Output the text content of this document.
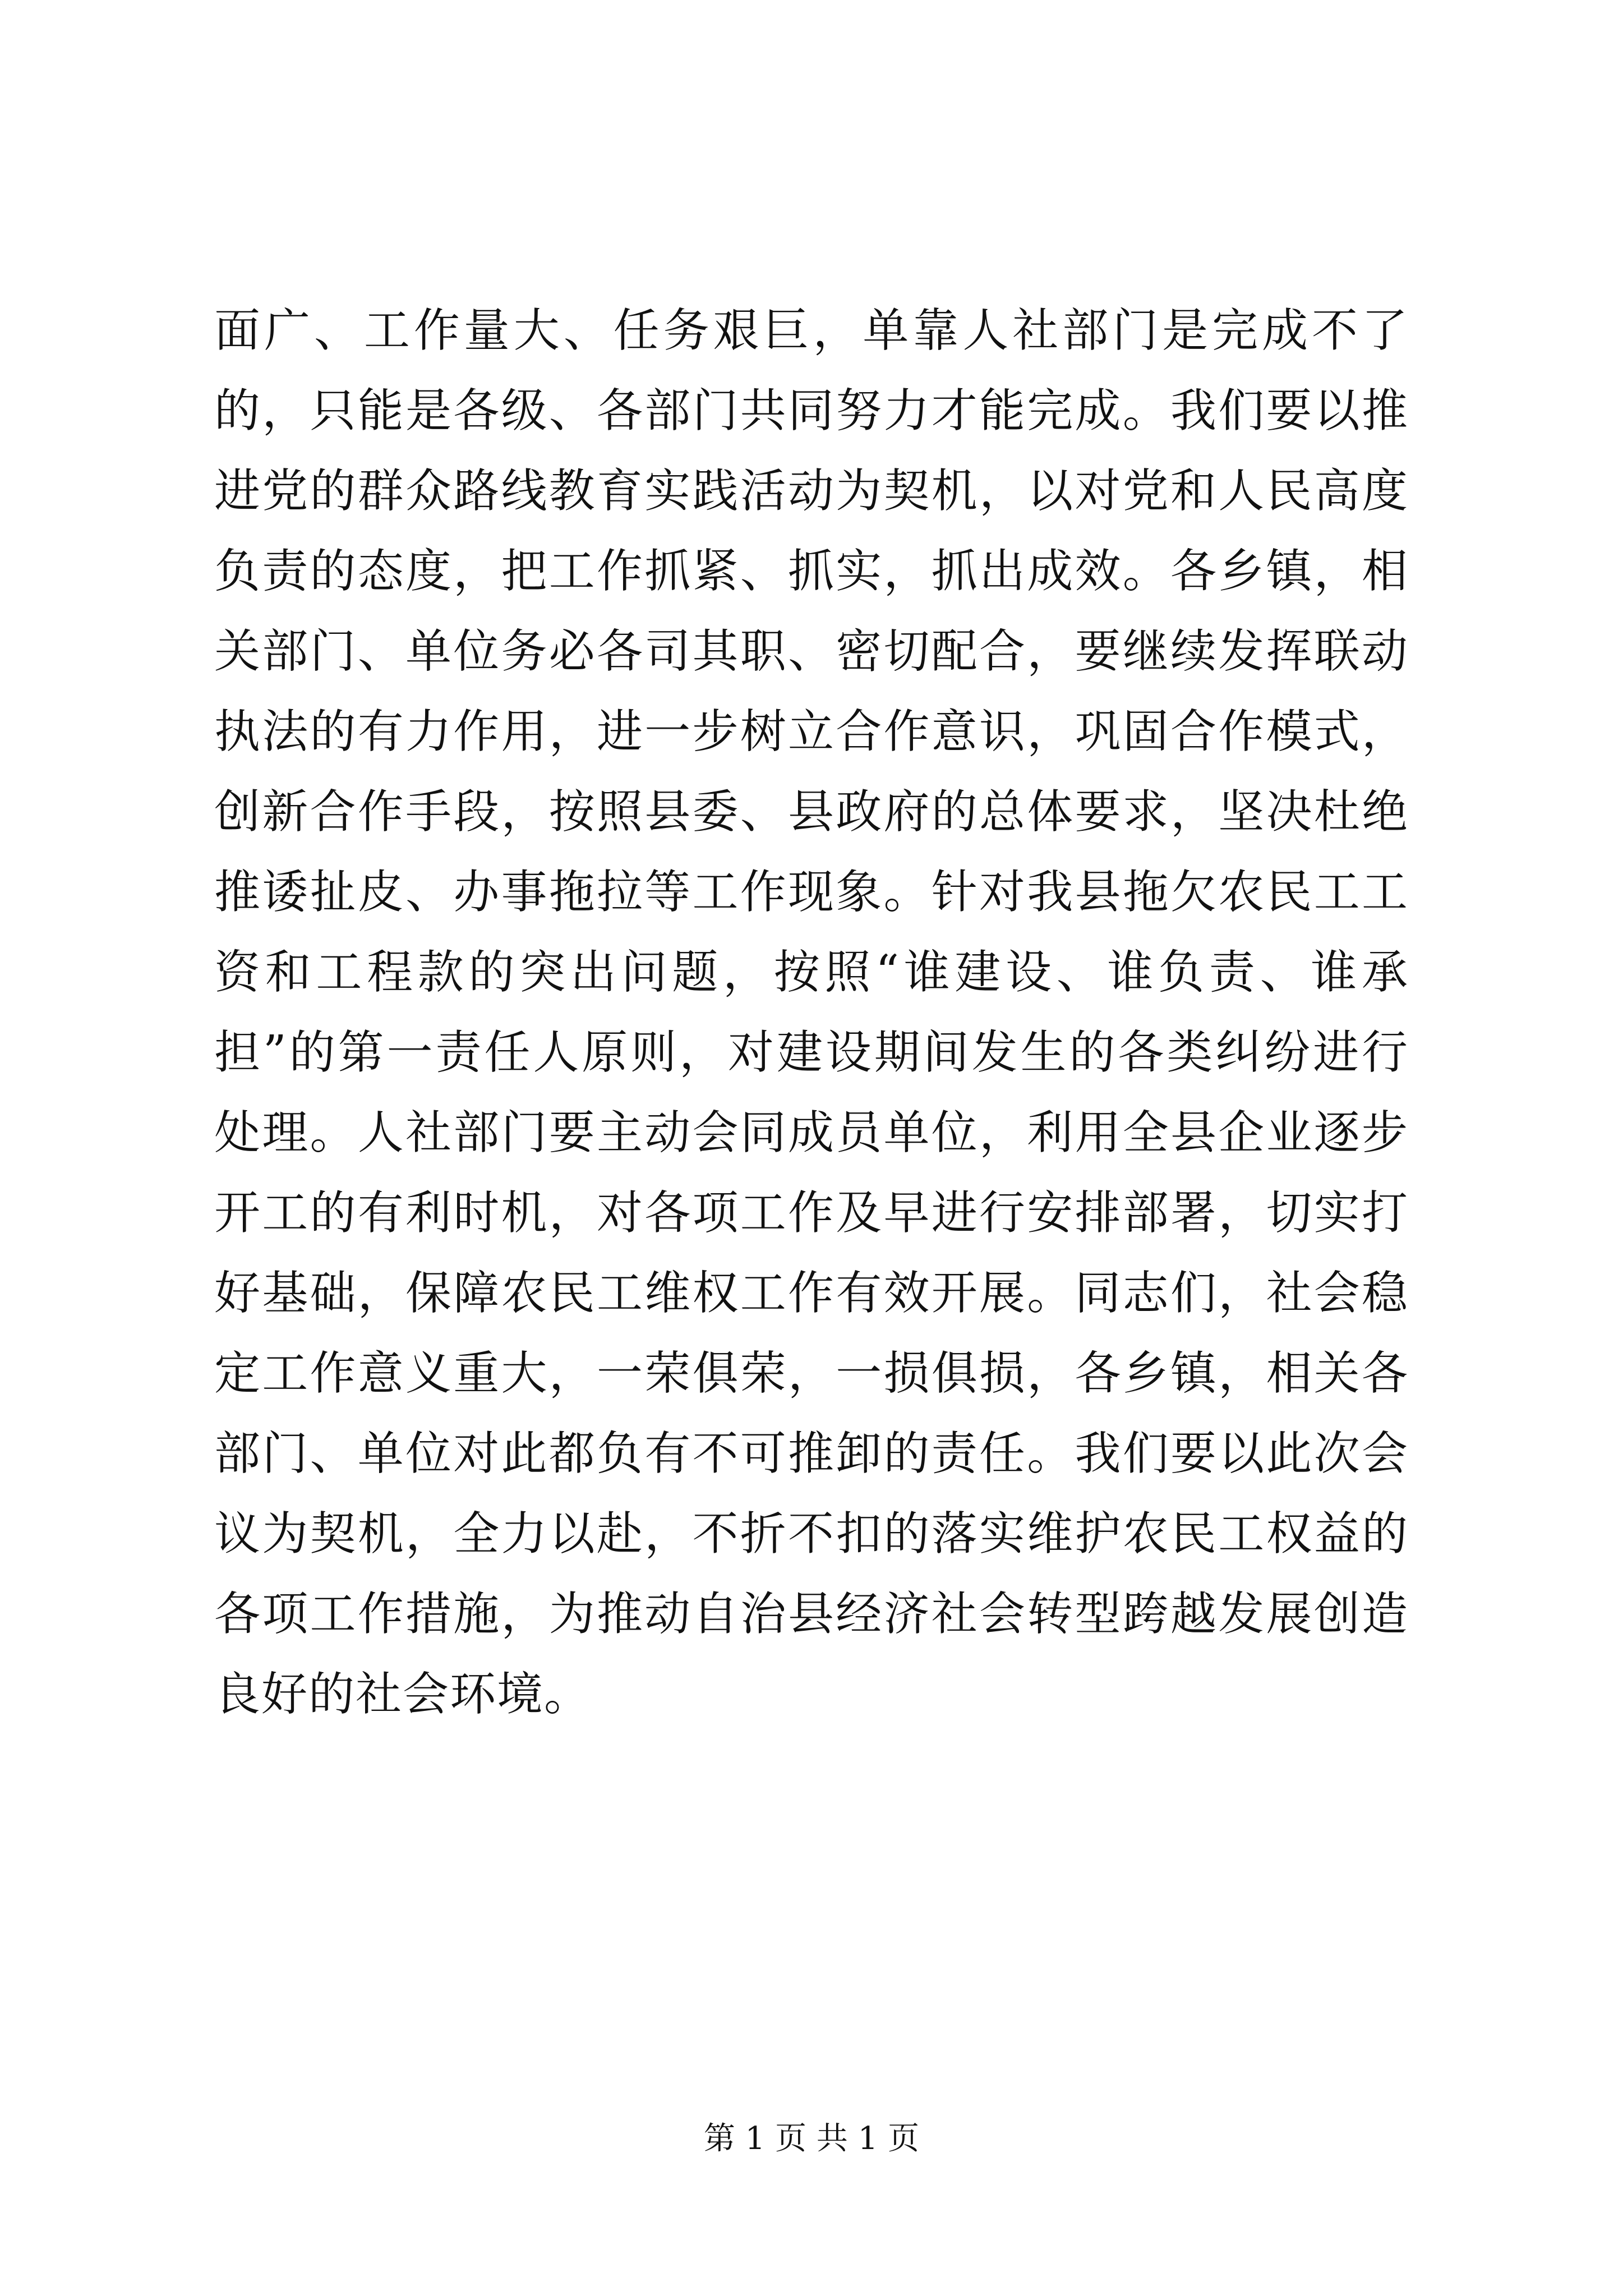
面广、工作量大、任务艰巨，单靠人社部门是完成不了的，只能是各级、各部门共同努力才能完成。我们要以推进党的群众路线教育实践活动为契机，以对党和人民高度负责的态度，把工作抓紧、抓实，抓出成效。各乡镇，相关部门、单位务必各司其职、密切配合，要继续发挥联动执法的有力作用，进一步树立合作意识，巩固合作模式，创新合作手段，按照县委、县政府的总体要求，坚决杜绝推诿扯皮、办事拖拉等工作现象。针对我县拖欠农民工工资和工程款的突出问题，按照“谁建设、谁负责、谁承担”的第一责任人原则，对建设期间发生的各类纠纷进行处理。人社部门要主动会同成员单位，利用全县企业逐步开工的有利时机，对各项工作及早进行安排部署，切实打好基础，保障农民工维权工作有效开展。同志们，社会稳定工作意义重大，一荣俱荣，一损俱损，各乡镇，相关各部门、单位对此都负有不可推卸的责任。我们要以此次会议为契机，全力以赴，不折不扣的落实维护农民工权益的各项工作措施，为推动自治县经济社会转型跨越发展创造良好的社会环境。

第 1 页 共 1 页
